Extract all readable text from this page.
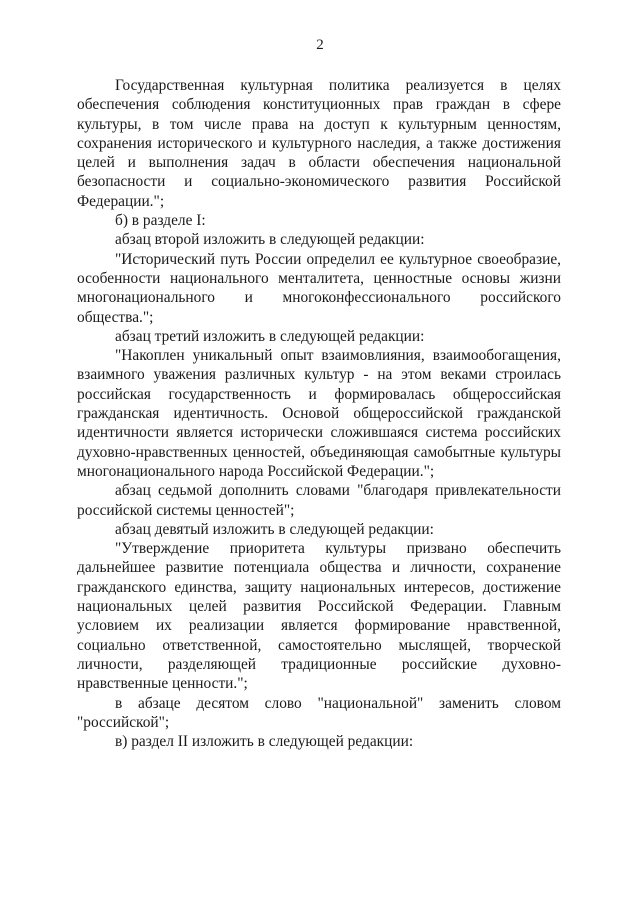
2

Государственная культурная политика реализуется в целях обеспечения соблюдения конституционных прав граждан в сфере культуры, в том числе права на доступ к культурным ценностям, сохранения исторического и культурного наследия, а также достижения целей и выполнения задач в области обеспечения национальной безопасности и социально-экономического развития Российской Федерации.";

б) в разделе I:

абзац второй изложить в следующей редакции:

"Исторический путь России определил ее культурное своеобразие, особенности национального менталитета, ценностные основы жизни многонационального и многоконфессионального российского общества.";

абзац третий изложить в следующей редакции:

"Накоплен уникальный опыт взаимовлияния, взаимообогащения, взаимного уважения различных культур - на этом веками строилась российская государственность и формировалась общероссийская гражданская идентичность. Основой общероссийской гражданской идентичности является исторически сложившаяся система российских духовно-нравственных ценностей, объединяющая самобытные культуры многонационального народа Российской Федерации.";

абзац седьмой дополнить словами "благодаря привлекательности российской системы ценностей";

абзац девятый изложить в следующей редакции:

"Утверждение приоритета культуры призвано обеспечить дальнейшее развитие потенциала общества и личности, сохранение гражданского единства, защиту национальных интересов, достижение национальных целей развития Российской Федерации. Главным условием их реализации является формирование нравственной, социально ответственной, самостоятельно мыслящей, творческой личности, разделяющей традиционные российские духовно-нравственные ценности.";

в абзаце десятом слово "национальной" заменить словом "российской";

в) раздел II изложить в следующей редакции:
